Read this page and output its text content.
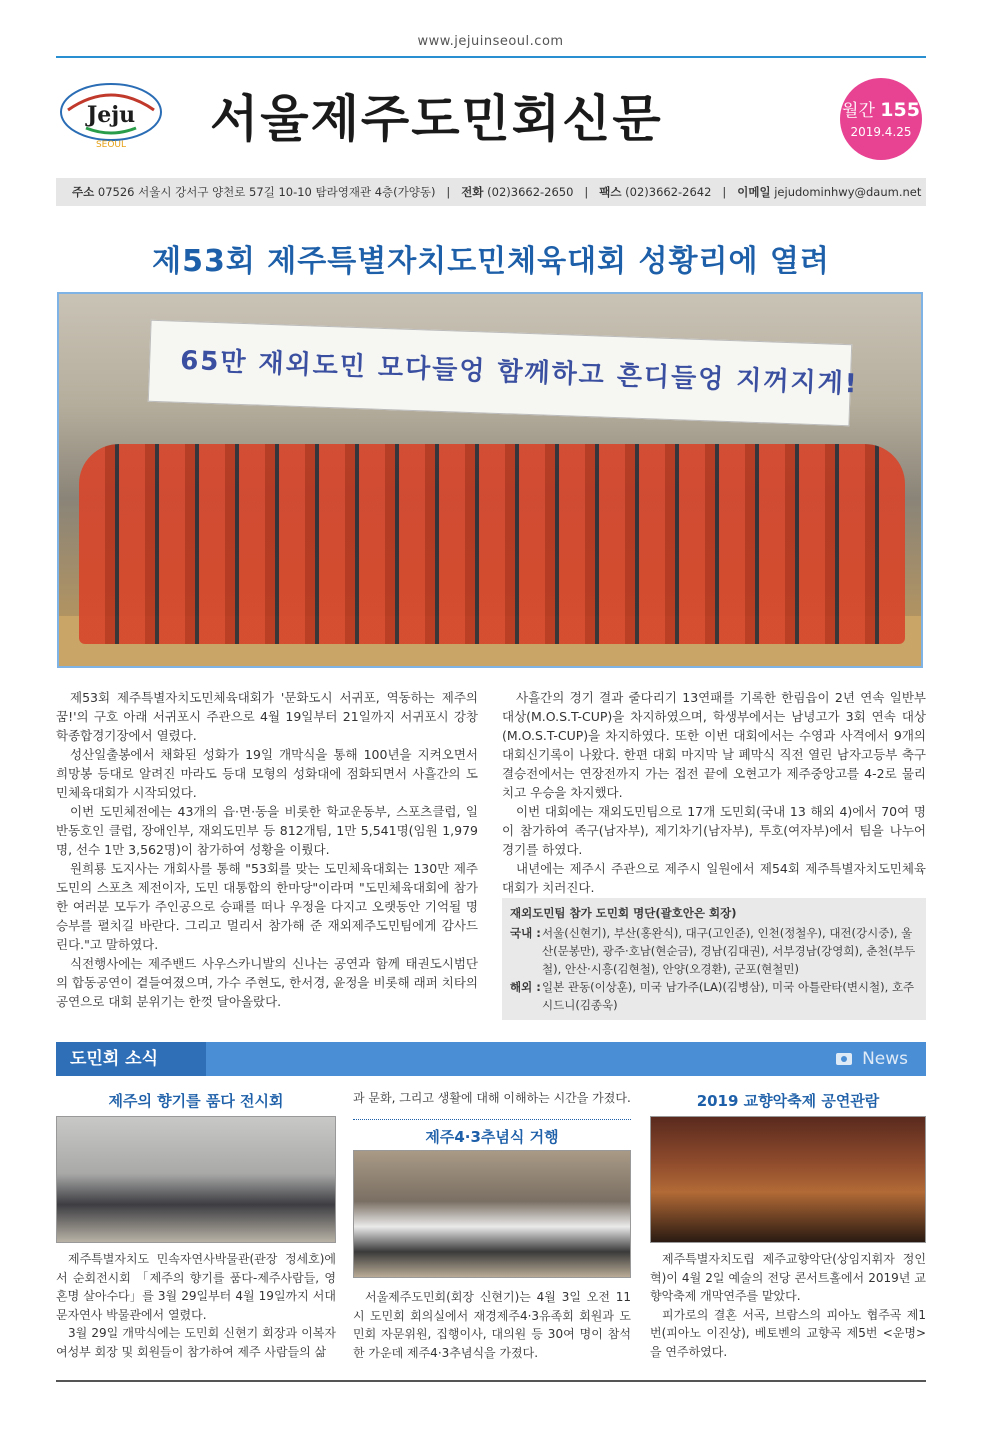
www.jejuinseoul.com
Jeju
SEOUL 서울제주도민회신문	월간 155
2019.4.25
주소 07526 서울시 강서구 양천로 57길 10-10 탐라영재관 4층(가양동)   |   전화 (02)3662-2650   |   팩스 (02)3662-2642   |   이메일 jejudominhwy@daum.net
제53회 제주특별자치도민체육대회 성황리에 열려
65만 재외도민 모다들엉 함께하고 흔디들엉 지꺼지게!

제53회 제주특별자치도민체육대회가 '문화도시 서귀포, 역동하는 제주의 꿈!'의 구호 아래 서귀포시 주관으로 4월 19일부터 21일까지 서귀포시 강창학종합경기장에서 열렸다.

성산일출봉에서 채화된 성화가 19일 개막식을 통해 100년을 지켜오면서 희망봉 등대로 알려진 마라도 등대 모형의 성화대에 점화되면서 사흘간의 도민체육대회가 시작되었다.

이번 도민체전에는 43개의 읍·면·동을 비롯한 학교운동부, 스포츠클럽, 일반동호인 클럽, 장애인부, 재외도민부 등 812개팀, 1만 5,541명(임원 1,979명, 선수 1만 3,562명)이 참가하여 성황을 이뤘다.

원희룡 도지사는 개회사를 통해 "53회를 맞는 도민체육대회는 130만 제주도민의 스포츠 제전이자, 도민 대통합의 한마당"이라며 "도민체육대회에 참가한 여러분 모두가 주인공으로 승패를 떠나 우정을 다지고 오랫동안 기억될 명승부를 펼치길 바란다. 그리고 멀리서 참가해 준 재외제주도민팀에게 감사드린다."고 말하였다.

식전행사에는 제주밴드 사우스카니발의 신나는 공연과 함께 태권도시범단의 합동공연이 곁들여졌으며, 가수 주현도, 한서경, 윤정을 비롯해 래퍼 치타의 공연으로 대회 분위기는 한껏 달아올랐다.

사흘간의 경기 결과 줄다리기 13연패를 기록한 한림읍이 2년 연속 일반부 대상(M.O.S.T-CUP)을 차지하였으며, 학생부에서는 남녕고가 3회 연속 대상(M.O.S.T-CUP)을 차지하였다. 또한 이번 대회에서는 수영과 사격에서 9개의 대회신기록이 나왔다. 한편 대회 마지막 날 폐막식 직전 열린 남자고등부 축구 결승전에서는 연장전까지 가는 접전 끝에 오현고가 제주중앙고를 4-2로 물리치고 우승을 차지했다.

이번 대회에는 재외도민팀으로 17개 도민회(국내 13 해외 4)에서 70여 명이 참가하여 족구(남자부), 제기차기(남자부), 투호(여자부)에서 팀을 나누어 경기를 하였다.

내년에는 제주시 주관으로 제주시 일원에서 제54회 제주특별자치도민체육대회가 치러진다.

재외도민팀 참가 도민회 명단(괄호안은 회장)
국내 : 서울(신현기), 부산(홍완식), 대구(고인준), 인천(정철우), 대전(강시중), 울산(문봉만), 광주·호남(현순금), 경남(김대권), 서부경남(강영희), 춘천(부두철), 안산·시흥(김현철), 안양(오경환), 군포(현철민)
해외 : 일본 관동(이상훈), 미국 남가주(LA)(김병삼), 미국 아틀란타(변시철), 호주 시드니(김종욱)
도민회 소식	News
제주의 향기를 품다 전시회

제주특별자치도 민속자연사박물관(관장 정세호)에서 순회전시회 「제주의 향기를 품다-제주사람들, 영혼명 살아수다」를 3월 29일부터 4월 19일까지 서대문자연사 박물관에서 열렸다.

3월 29일 개막식에는 도민회 신현기 회장과 이복자 여성부 회장 및 회원들이 참가하여 제주 사람들의 삶

과 문화, 그리고 생활에 대해 이해하는 시간을 가졌다.
제주4·3추념식 거행

서울제주도민회(회장 신현기)는 4월 3일 오전 11시 도민회 회의실에서 재경제주4·3유족회 회원과 도민회 자문위원, 집행이사, 대의원 등 30여 명이 참석한 가운데 제주4·3추념식을 가졌다.

2019 교향악축제 공연관람

제주특별자치도립 제주교향악단(상임지휘자 정인혁)이 4월 2일 예술의 전당 콘서트홀에서 2019년 교향악축제 개막연주를 맡았다.

피가로의 결혼 서곡, 브람스의 피아노 협주곡 제1번(피아노 이진상), 베토벤의 교향곡 제5번 <운명>을 연주하였다.
